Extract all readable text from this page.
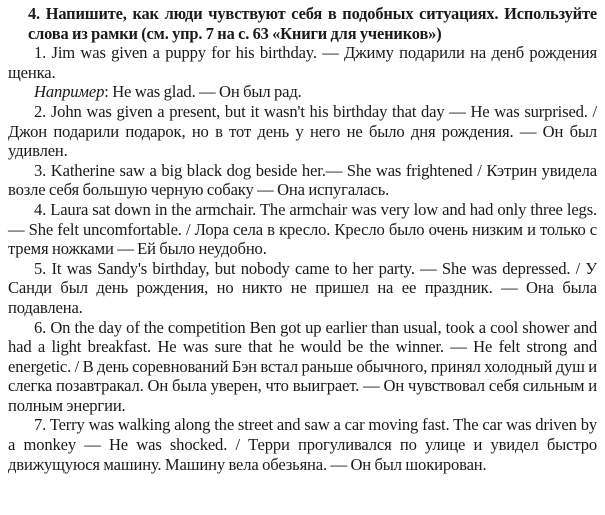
4. Напишите, как люди чувствуют себя в подобных ситуациях. Используйте слова из рамки (см. упр. 7 на с. 63 «Книги для учеников»)

1. Jim was given a puppy for his birthday. — Джиму подарили на денб рождения щенка.

Например: He was glad. — Он был рад.

2. John was given a present, but it wasn't his birthday that day — He was surprised. / Джон подарили подарок, но в тот день у него не было дня рождения. — Он был удивлен.

3. Katherine saw a big black dog beside her.— She was frightened / Кэтрин увидела возле себя большую черную собаку — Она испугалась.

4. Laura sat down in the armchair. The armchair was very low and had only three legs. — She felt uncomfortable. / Лора села в кресло. Кресло было очень низким и только с тремя ножками — Ей было неудобно.

5. It was Sandy's birthday, but nobody came to her party. — She was depressed. / У Санди был день рождения, но никто не пришел на ее праздник. — Она была подавлена.

6. On the day of the competition Ben got up earlier than usual, took a cool shower and had a light breakfast. He was sure that he would be the winner. — He felt strong and energetic. / В день соревнований Бэн встал раньше обычного, принял холодный душ и слегка позавтракал. Он была уверен, что выиграет. — Он чувствовал себя сильным и полным энергии.

7. Terry was walking along the street and saw a car moving fast. The car was driven by a monkey — He was shocked. / Терри прогуливался по улице и увидел быстро движущуюся машину. Машину вела обезьяна. — Он был шокирован.
